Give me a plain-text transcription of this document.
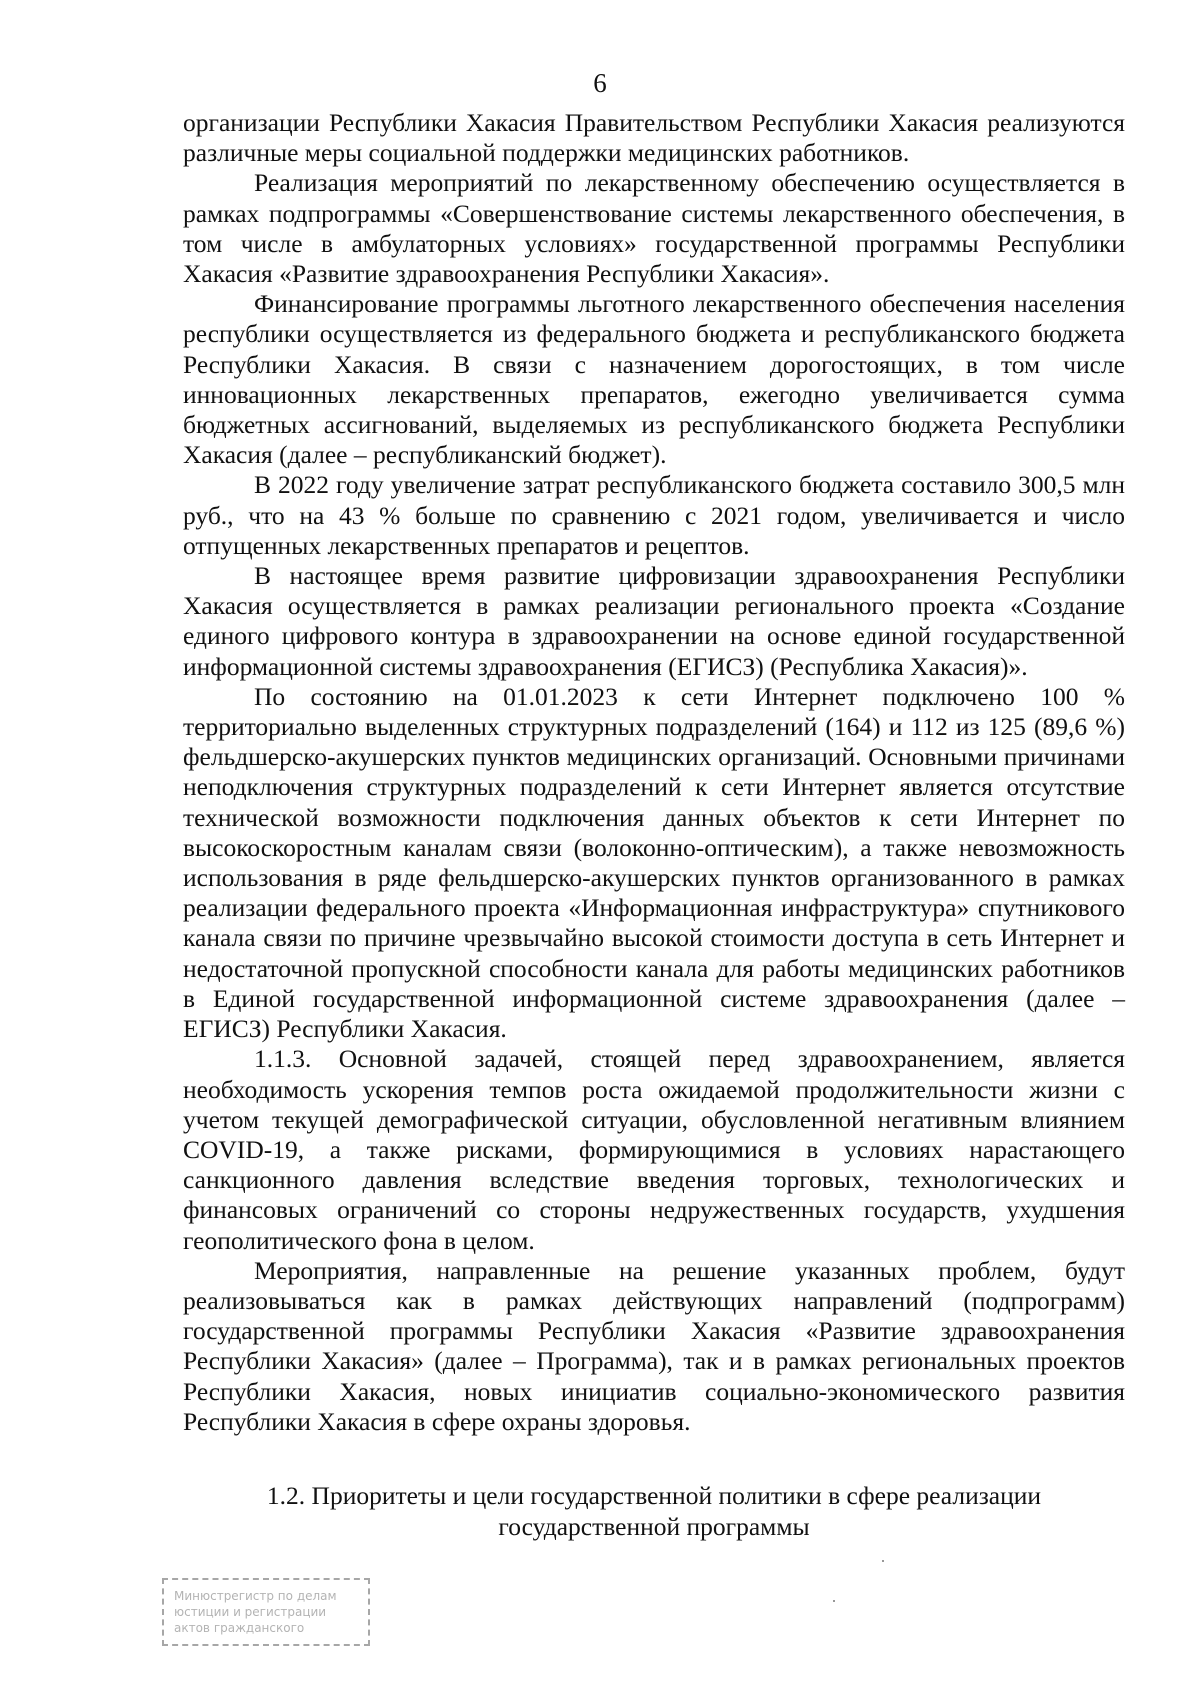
6

организации Республики Хакасия Правительством Республики Хакасия реализуются различные меры социальной поддержки медицинских работников.

Реализация мероприятий по лекарственному обеспечению осуществляется в рамках подпрограммы «Совершенствование системы лекарственного обеспечения, в том числе в амбулаторных условиях» государственной программы Республики Хакасия «Развитие здравоохранения Республики Хакасия».

Финансирование программы льготного лекарственного обеспечения населения республики осуществляется из федерального бюджета и республиканского бюджета Республики Хакасия. В связи с назначением дорогостоящих, в том числе инновационных лекарственных препаратов, ежегодно увеличивается сумма бюджетных ассигнований, выделяемых из республиканского бюджета Республики Хакасия (далее – республиканский бюджет).

В 2022 году увеличение затрат республиканского бюджета составило 300,5 млн руб., что на 43 % больше по сравнению с 2021 годом, увеличивается и число отпущенных лекарственных препаратов и рецептов.

В настоящее время развитие цифровизации здравоохранения Республики Хакасия осуществляется в рамках реализации регионального проекта «Создание единого цифрового контура в здравоохранении на основе единой государственной информационной системы здравоохранения (ЕГИСЗ) (Республика Хакасия)».

По состоянию на 01.01.2023 к сети Интернет подключено 100 % территориально выделенных структурных подразделений (164) и 112 из 125 (89,6 %) фельдшерско-акушерских пунктов медицинских организаций. Основными причинами неподключения структурных подразделений к сети Интернет является отсутствие технической возможности подключения данных объектов к сети Интернет по высокоскоростным каналам связи (волоконно-оптическим), а также невозможность использования в ряде фельдшерско-акушерских пунктов организованного в рамках реализации федерального проекта «Информационная инфраструктура» спутникового канала связи по причине чрезвычайно высокой стоимости доступа в сеть Интернет и недостаточной пропускной способности канала для работы медицинских работников в Единой государственной информационной системе здравоохранения (далее – ЕГИСЗ) Республики Хакасия.

1.1.3. Основной задачей, стоящей перед здравоохранением, является необходимость ускорения темпов роста ожидаемой продолжительности жизни с учетом текущей демографической ситуации, обусловленной негативным влиянием COVID-19, а также рисками, формирующимися в условиях нарастающего санкционного давления вследствие введения торговых, технологических и финансовых ограничений со стороны недружественных государств, ухудшения геополитического фона в целом.

Мероприятия, направленные на решение указанных проблем, будут реализовываться как в рамках действующих направлений (подпрограмм) государственной программы Республики Хакасия «Развитие здравоохранения Республики Хакасия» (далее – Программа), так и в рамках региональных проектов Республики Хакасия, новых инициатив социально-экономического развития Республики Хакасия в сфере охраны здоровья.

1.2. Приоритеты и цели государственной политики в сфере реализации
государственной программы
Минюстрегистр по делам
юстиции и регистрации
актов гражданского
